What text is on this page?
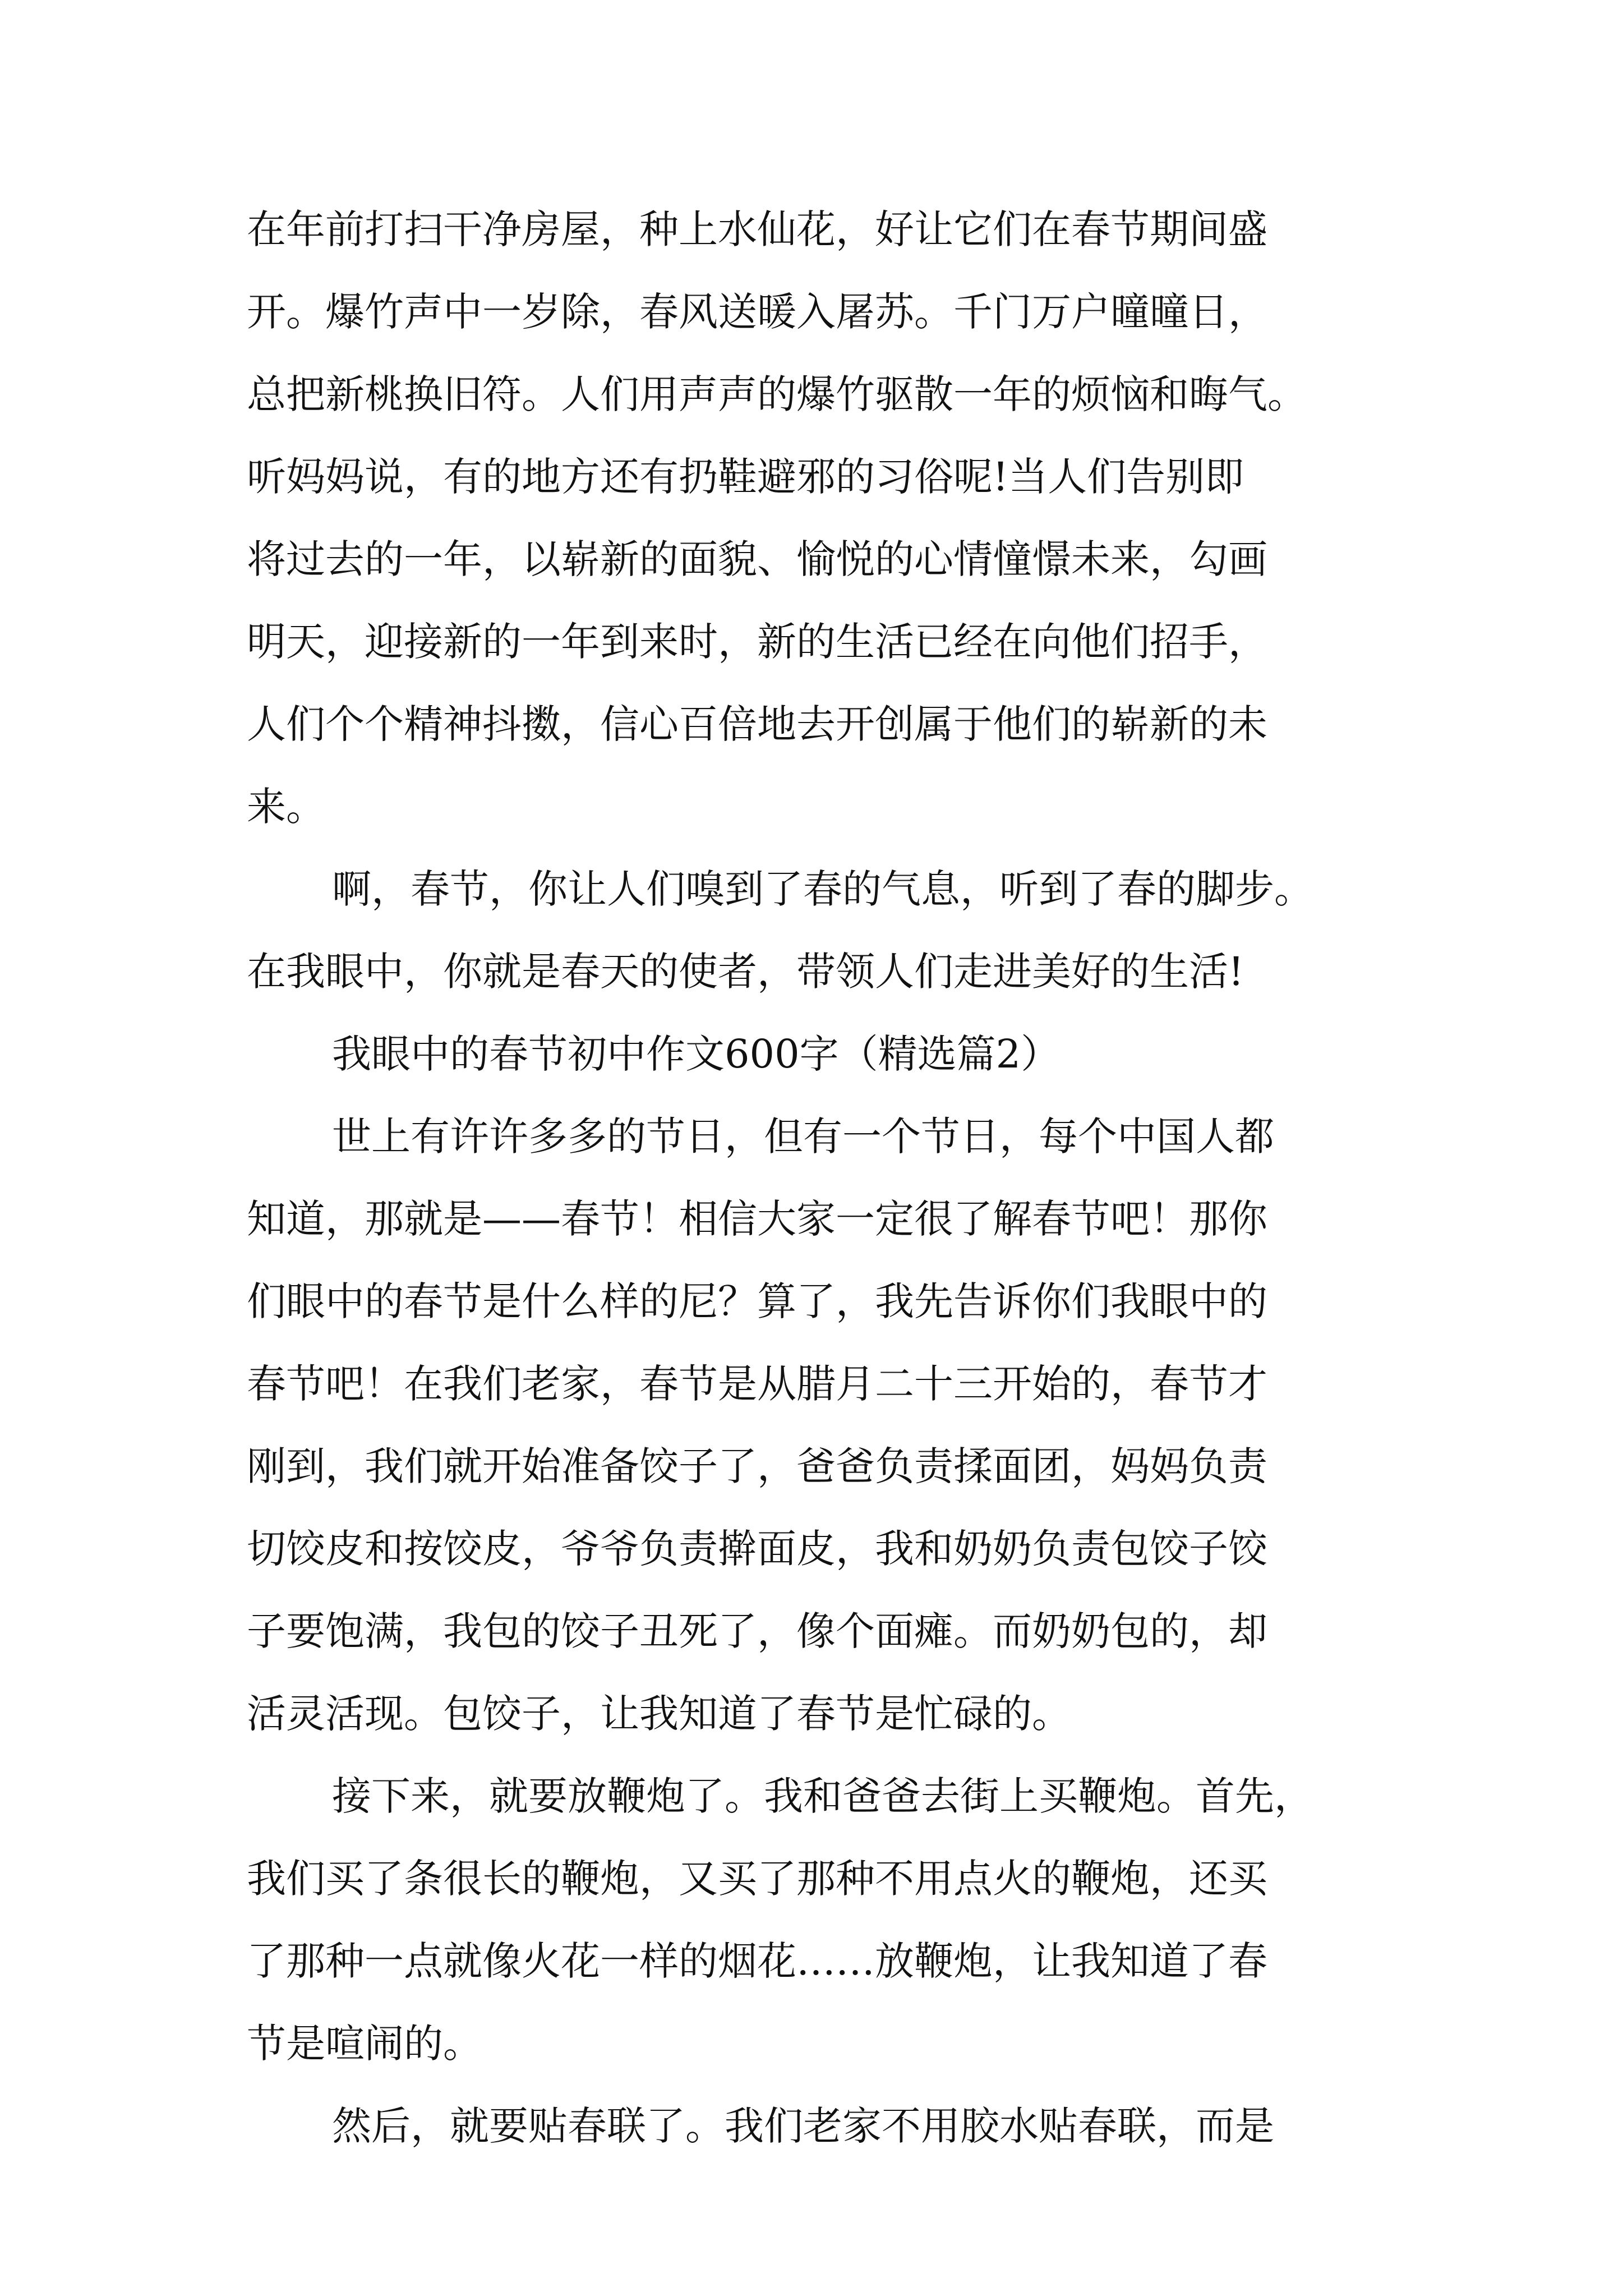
在年前打扫干净房屋，种上水仙花，好让它们在春节期间盛
开。爆竹声中一岁除，春风送暖入屠苏。千门万户曈曈日，
总把新桃换旧符。人们用声声的爆竹驱散一年的烦恼和晦气。
听妈妈说，有的地方还有扔鞋避邪的习俗呢!当人们告别即
将过去的一年，以崭新的面貌、愉悦的心情憧憬未来，勾画
明天，迎接新的一年到来时，新的生活已经在向他们招手，
人们个个精神抖擞，信心百倍地去开创属于他们的崭新的未
来。
啊，春节，你让人们嗅到了春的气息，听到了春的脚步。
在我眼中，你就是春天的使者，带领人们走进美好的生活!
我眼中的春节初中作文600字（精选篇2）
世上有许许多多的节日，但有一个节日，每个中国人都
知道，那就是——春节！相信大家一定很了解春节吧！那你
们眼中的春节是什么样的尼？算了，我先告诉你们我眼中的
春节吧！在我们老家，春节是从腊月二十三开始的，春节才
刚到，我们就开始准备饺子了，爸爸负责揉面团，妈妈负责
切饺皮和按饺皮，爷爷负责擀面皮，我和奶奶负责包饺子饺
子要饱满，我包的饺子丑死了，像个面瘫。而奶奶包的，却
活灵活现。包饺子，让我知道了春节是忙碌的。
接下来，就要放鞭炮了。我和爸爸去街上买鞭炮。首先，
我们买了条很长的鞭炮，又买了那种不用点火的鞭炮，还买
了那种一点就像火花一样的烟花……放鞭炮，让我知道了春
节是喧闹的。
然后，就要贴春联了。我们老家不用胶水贴春联，而是
